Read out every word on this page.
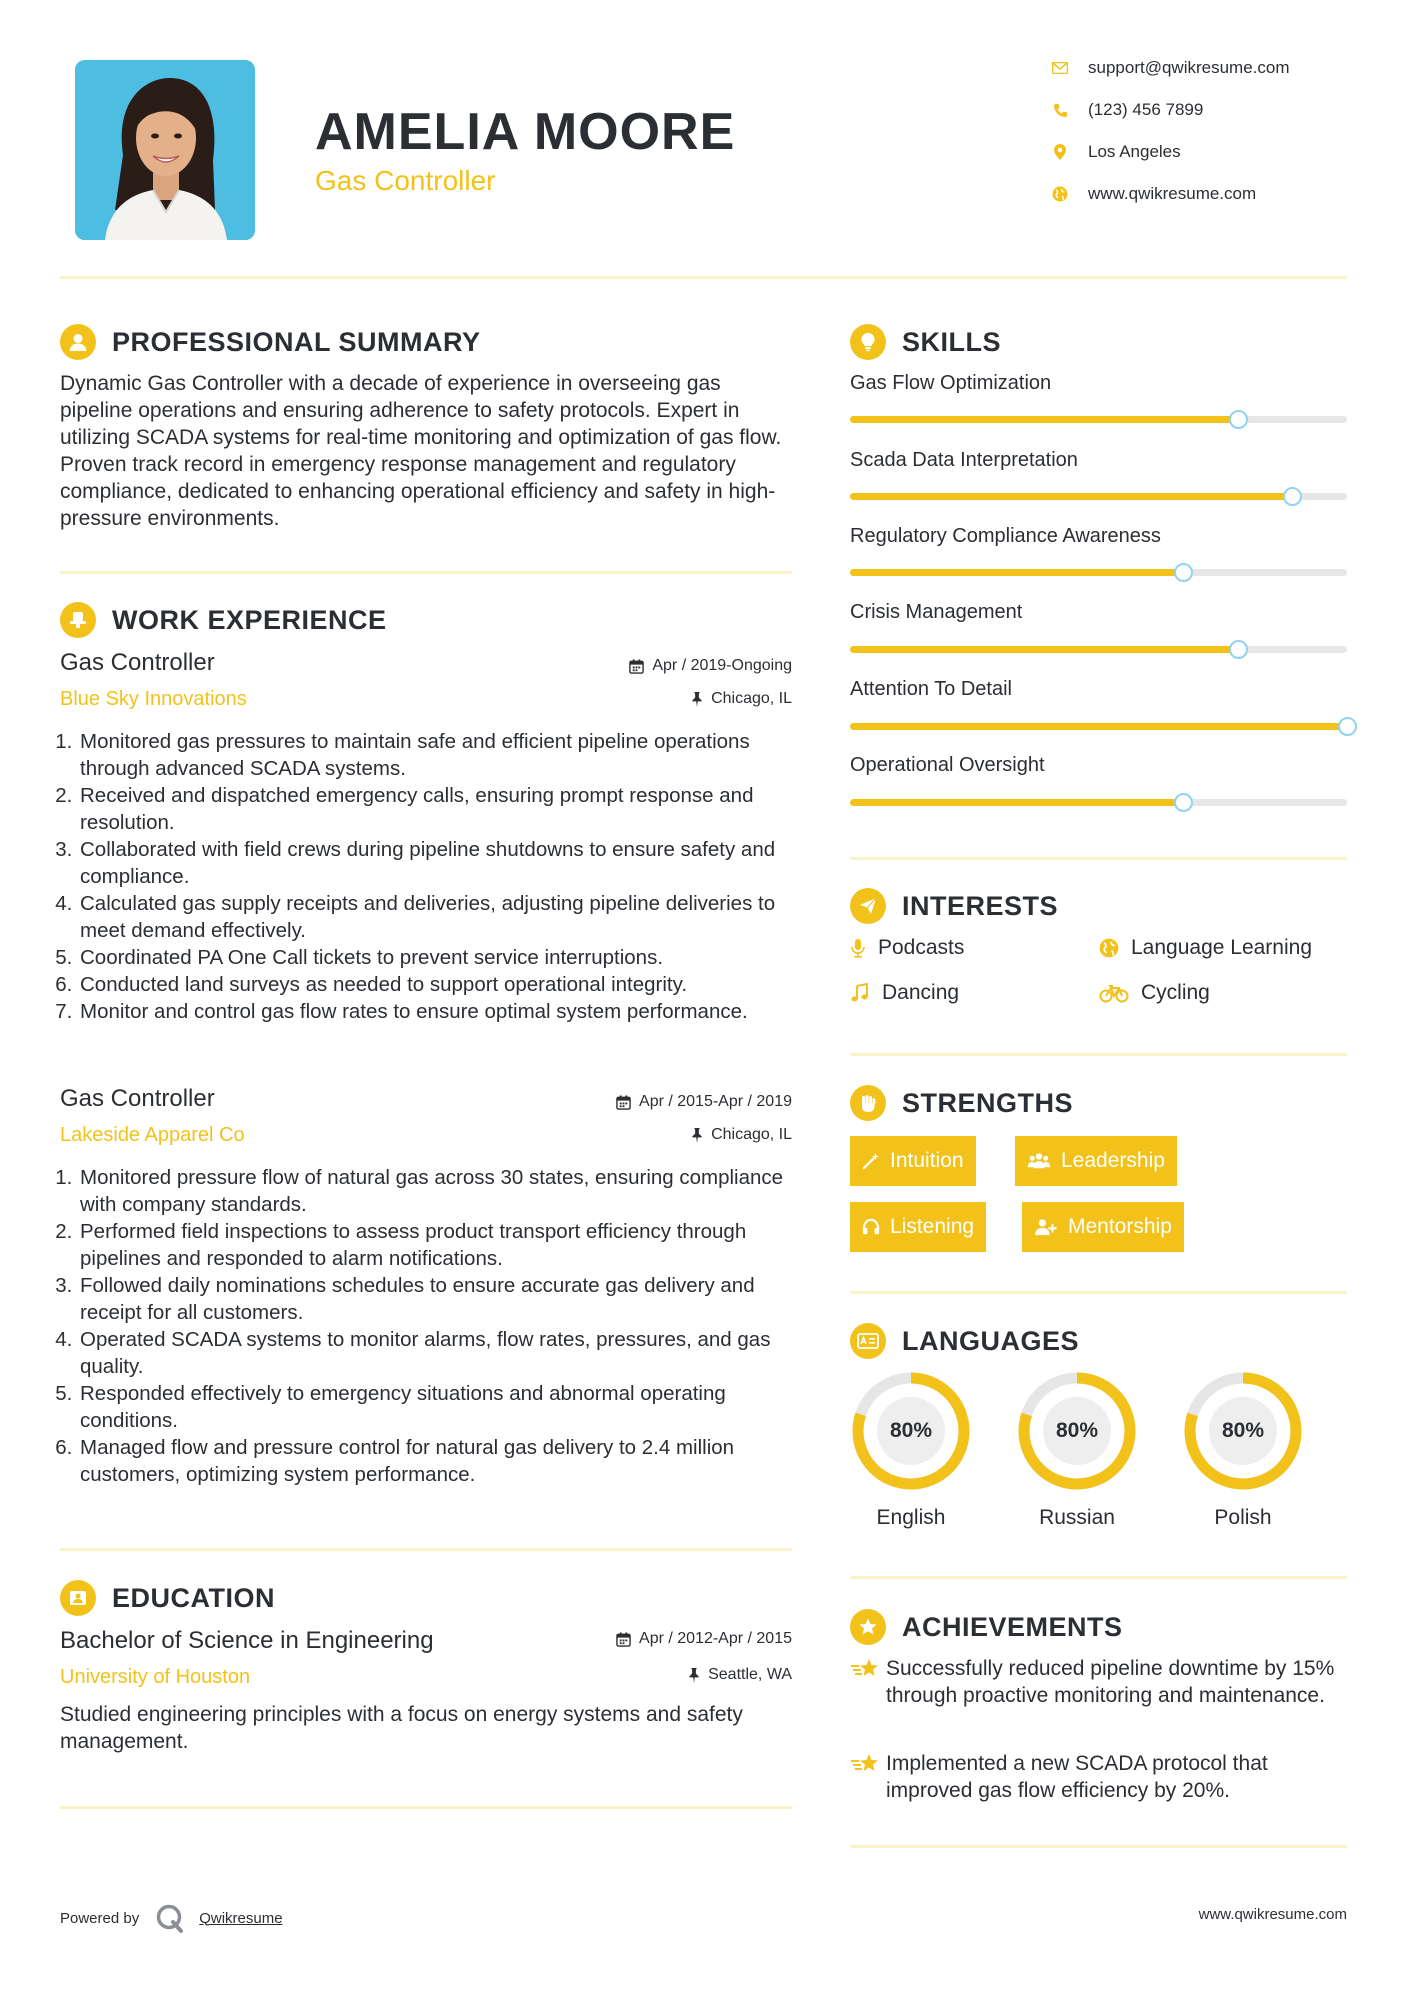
AMELIA MOORE
Gas Controller
support@qwikresume.com
(123) 456 7899
Los Angeles
www.qwikresume.com
PROFESSIONAL SUMMARY
Dynamic Gas Controller with a decade of experience in overseeing gas pipeline operations and ensuring adherence to safety protocols. Expert in utilizing SCADA systems for real-time monitoring and optimization of gas flow. Proven track record in emergency response management and regulatory compliance, dedicated to enhancing operational efficiency and safety in high-pressure environments.
WORK EXPERIENCE
Gas Controller
Blue Sky Innovations
Apr / 2019-Ongoing
Chicago, IL
1. Monitored gas pressures to maintain safe and efficient pipeline operations through advanced SCADA systems.
2. Received and dispatched emergency calls, ensuring prompt response and resolution.
3. Collaborated with field crews during pipeline shutdowns to ensure safety and compliance.
4. Calculated gas supply receipts and deliveries, adjusting pipeline deliveries to meet demand effectively.
5. Coordinated PA One Call tickets to prevent service interruptions.
6. Conducted land surveys as needed to support operational integrity.
7. Monitor and control gas flow rates to ensure optimal system performance.
Gas Controller
Lakeside Apparel Co
Apr / 2015-Apr / 2019
Chicago, IL
1. Monitored pressure flow of natural gas across 30 states, ensuring compliance with company standards.
2. Performed field inspections to assess product transport efficiency through pipelines and responded to alarm notifications.
3. Followed daily nominations schedules to ensure accurate gas delivery and receipt for all customers.
4. Operated SCADA systems to monitor alarms, flow rates, pressures, and gas quality.
5. Responded effectively to emergency situations and abnormal operating conditions.
6. Managed flow and pressure control for natural gas delivery to 2.4 million customers, optimizing system performance.
EDUCATION
Bachelor of Science in Engineering
University of Houston
Apr / 2012-Apr / 2015
Seattle, WA
Studied engineering principles with a focus on energy systems and safety management.
SKILLS
Gas Flow Optimization
Scada Data Interpretation
Regulatory Compliance Awareness
Crisis Management
Attention To Detail
Operational Oversight
INTERESTS
Podcasts	Language Learning
Dancing	Cycling
STRENGTHS
Intuition	Leadership
Listening	Mentorship
LANGUAGES
80%
English
80%
Russian
80%
Polish
ACHIEVEMENTS
Successfully reduced pipeline downtime by 15% through proactive monitoring and maintenance.
Implemented a new SCADA protocol that improved gas flow efficiency by 20%.
Powered by	Qwikresume	www.qwikresume.com
